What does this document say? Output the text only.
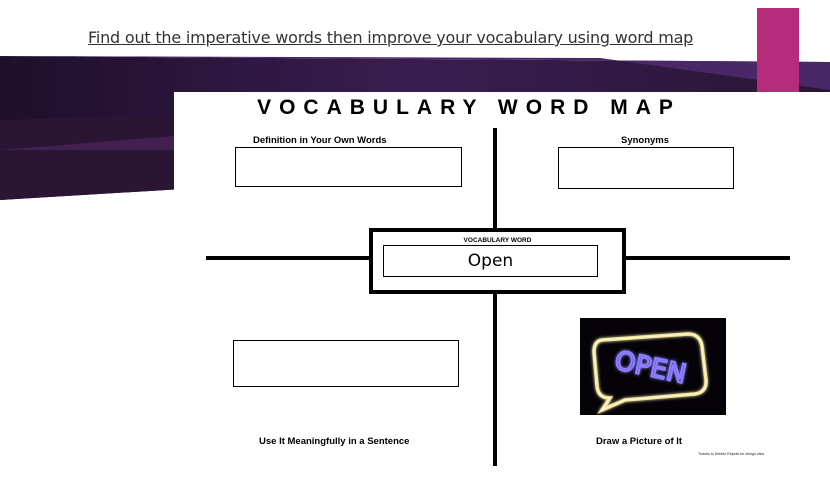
Find out the imperative words then improve your vocabulary using word map
VOCABULARY WORD MAP
Definition in Your Own Words	Synonyms
VOCABULARY WORD
Open
Use It Meaningfully in a Sentence
OPEN
Draw a Picture of It
Thanks to Debbie Reipnik for design idea.
